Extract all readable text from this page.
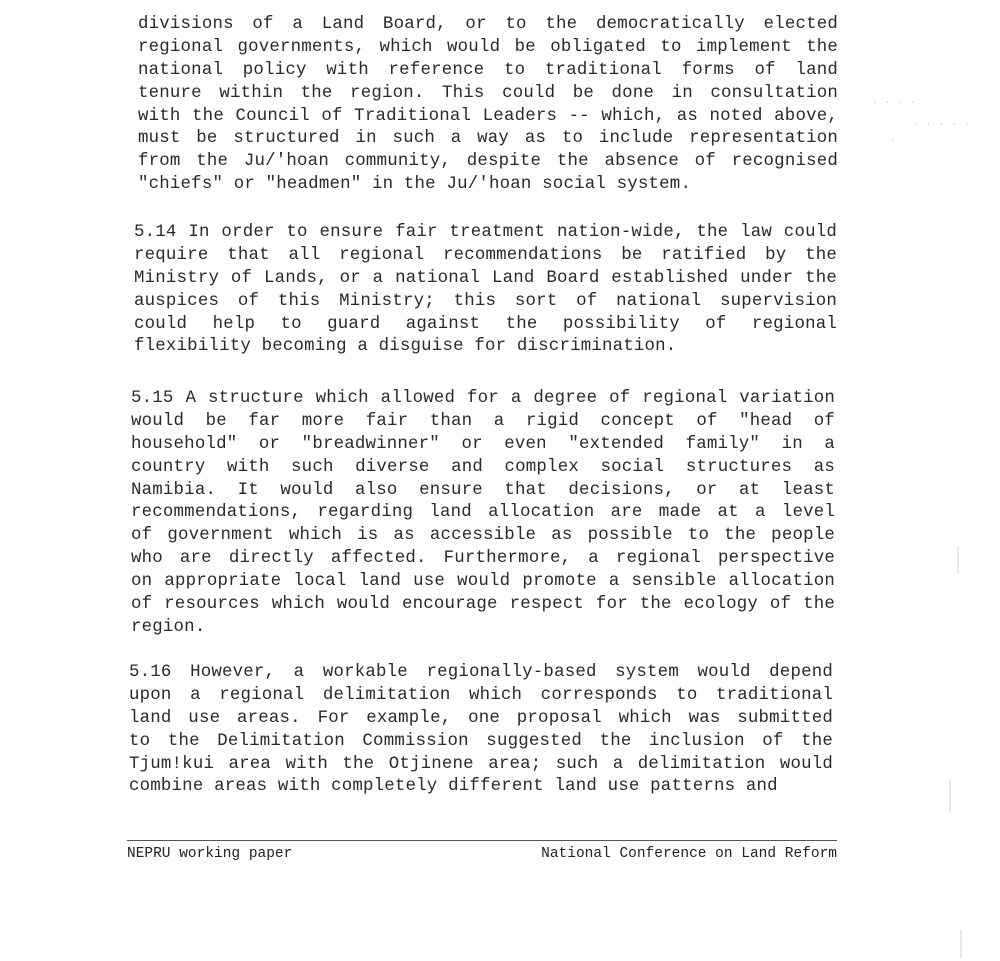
divisions of a Land Board, or to the democratically elected
regional governments, which would be obligated to implement the
national policy with reference to traditional forms of land
tenure within the region. This could be done in consultation
with the Council of Traditional Leaders -- which, as noted above,
must be structured in such a way as to include representation
from the Ju/'hoan community, despite the absence of recognised
"chiefs" or "headmen" in the Ju/'hoan social system.
5.14 In order to ensure fair treatment nation-wide, the law could
require that all regional recommendations be ratified by the
Ministry of Lands, or a national Land Board established under the
auspices of this Ministry; this sort of national supervision
could help to guard against the possibility of regional
flexibility becoming a disguise for discrimination.
5.15 A structure which allowed for a degree of regional variation
would be far more fair than a rigid concept of "head of
household" or "breadwinner" or even "extended family" in a
country with such diverse and complex social structures as
Namibia. It would also ensure that decisions, or at least
recommendations, regarding land allocation are made at a level
of government which is as accessible as possible to the people
who are directly affected. Furthermore, a regional perspective
on appropriate local land use would promote a sensible allocation
of resources which would encourage respect for the ecology of the
region.
5.16 However, a workable regionally-based system would depend
upon a regional delimitation which corresponds to traditional
land use areas. For example, one proposal which was submitted
to the Delimitation Commission suggested the inclusion of the
Tjum!kui area with the Otjinene area; such a delimitation would
combine areas with completely different land use patterns and
NEPRU working paper	National Conference on Land Reform
. . . .
. . . . .
.
